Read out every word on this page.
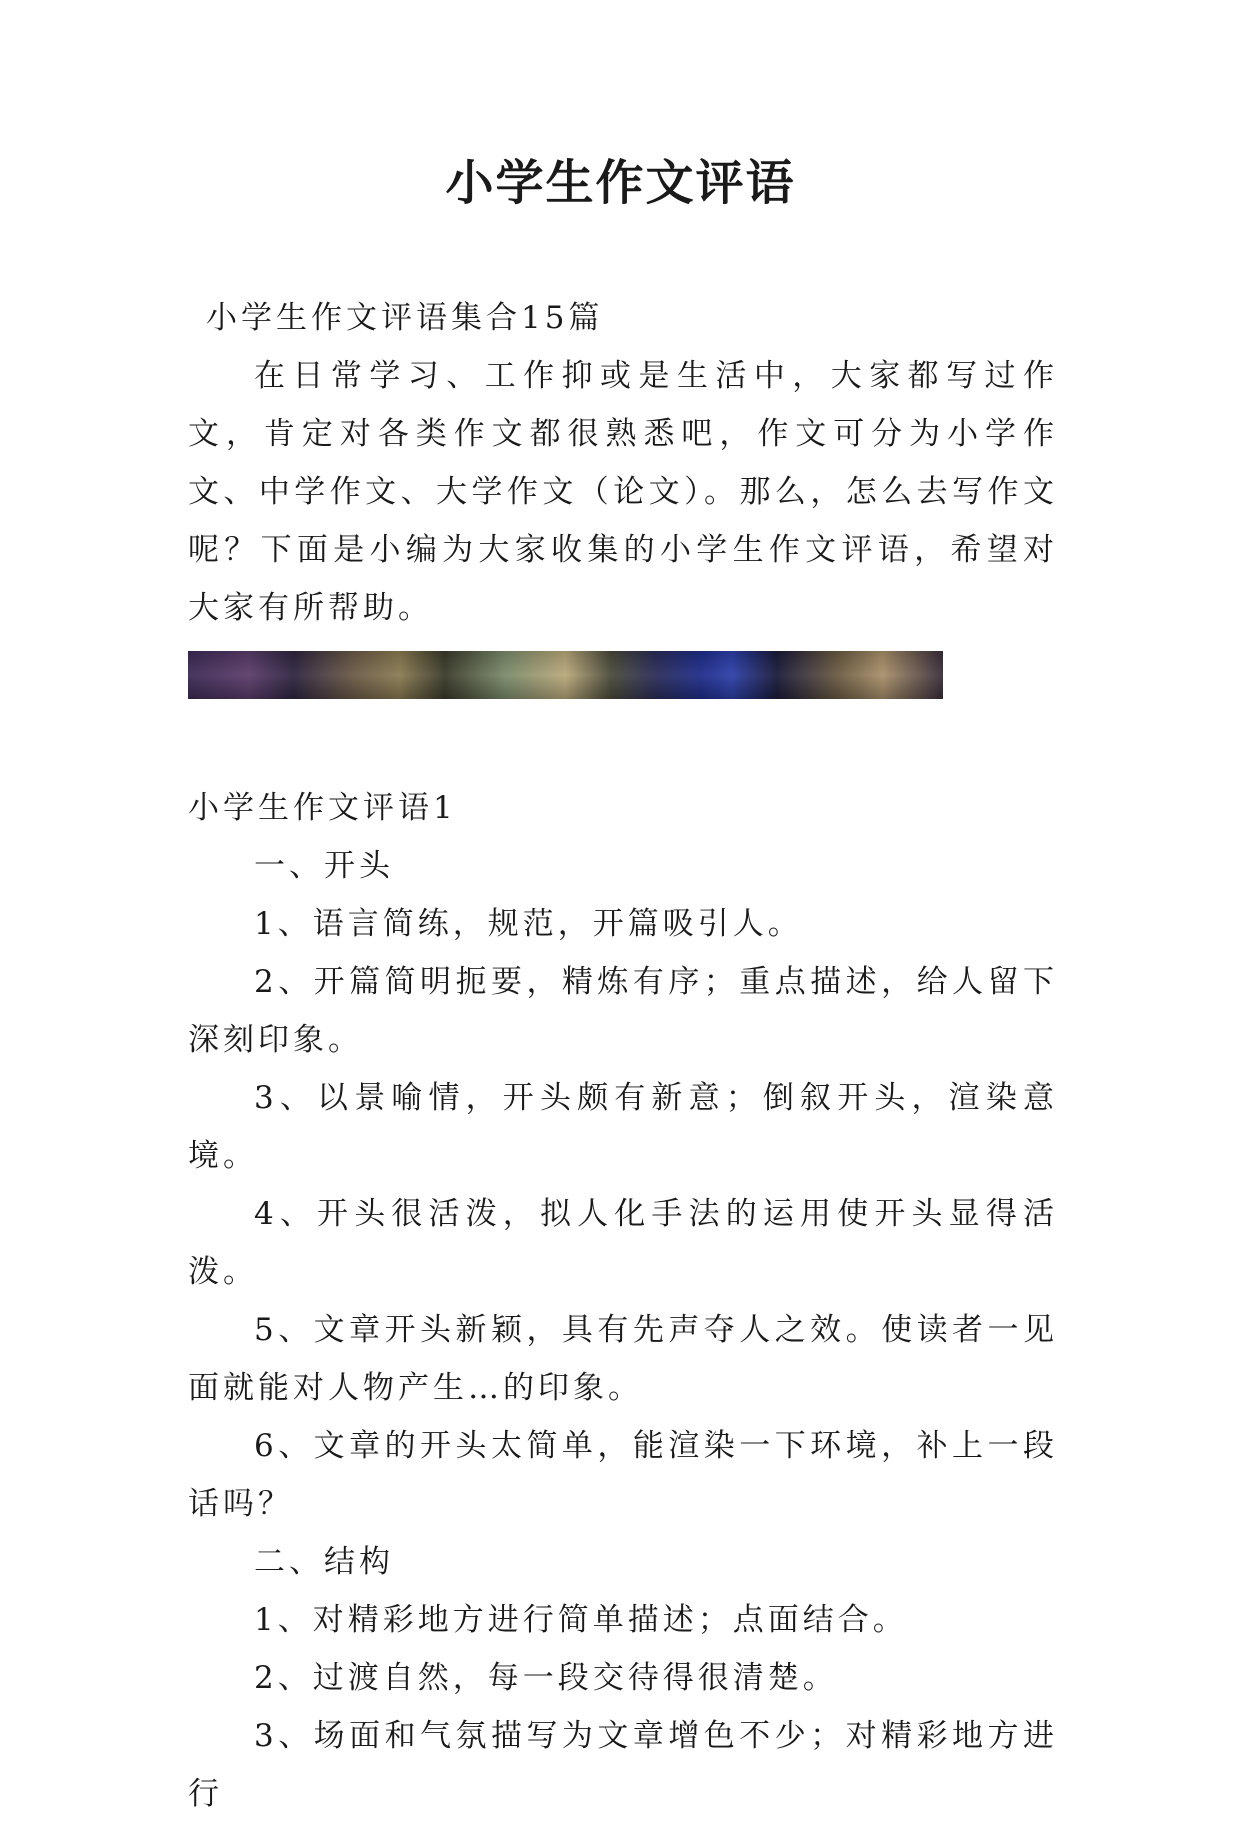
小学生作文评语
小学生作文评语集合15篇
在日常学习、工作抑或是生活中，大家都写过作文，肯定对各类作文都很熟悉吧，作文可分为小学作文、中学作文、大学作文（论文）。那么，怎么去写作文呢？下面是小编为大家收集的小学生作文评语，希望对大家有所帮助。
小学生作文评语1
一、开头
1、语言简练，规范，开篇吸引人。
2、开篇简明扼要，精炼有序；重点描述，给人留下深刻印象。
3、以景喻情，开头颇有新意；倒叙开头，渲染意境。
4、开头很活泼，拟人化手法的运用使开头显得活泼。
5、文章开头新颖，具有先声夺人之效。使读者一见面就能对人物产生…的印象。
6、文章的开头太简单，能渲染一下环境，补上一段话吗？
二、结构
1、对精彩地方进行简单描述；点面结合。
2、过渡自然，每一段交待得很清楚。
3、场面和气氛描写为文章增色不少；对精彩地方进行
